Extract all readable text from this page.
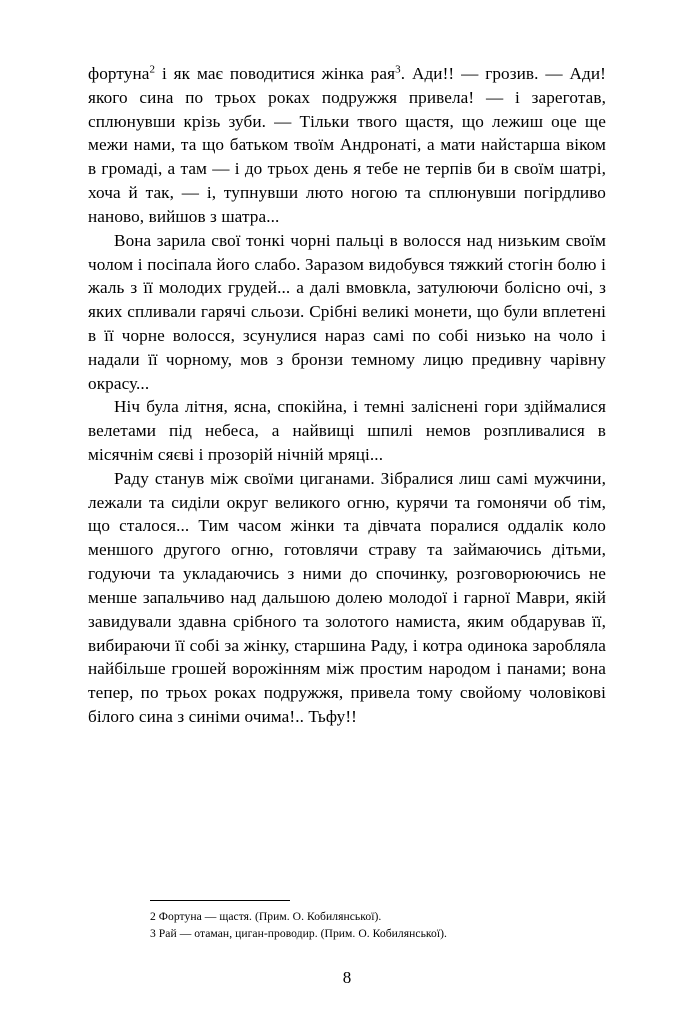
фортуна$^2$ і як має поводитися жінка рая$^3$. Ади!! — грозив. — Ади! якого сина по трьох роках подружжя привела! — і зареготав, сплюнувши крізь зуби. — Тільки твого щастя, що лежиш оце ще межи нами, та що батьком твоїм Андронаті, а мати найстарша віком в громаді, а там — і до трьох день я тебе не терпів би в своїм шатрі, хоча й так, — і, тупнувши люто ногою та сплюнувши погірдливо наново, вийшов з шатра...

Вона зарила свої тонкі чорні пальці в волосся над низьким своїм чолом і посіпала його слабо. Заразом видобувся тяжкий стогін болю і жаль з її молодих грудей... а далі вмовкла, затулюючи болісно очі, з яких спливали гарячі сльози. Срібні великі монети, що були вплетені в її чорне волосся, зсунулися нараз самі по собі низько на чоло і надали її чорному, мов з бронзи темному лицю предивну чарівну окрасу...

Ніч була літня, ясна, спокійна, і темні заліснені гори здіймалися велетами під небеса, а найвищі шпилі немов розпливалися в місячнім сяєві і прозорій нічній мряці...

Раду станув між своїми циганами. Зібралися лиш самі мужчини, лежали та сиділи округ великого огню, курячи та гомонячи об тім, що сталося... Тим часом жінки та дівчата поралися оддалік коло меншого другого огню, готовлячи страву та займаючись дітьми, годуючи та укладаючись з ними до спочинку, розговорюючись не менше запальчиво над дальшою долею молодої і гарної Маври, якій завидували здавна срібного та золотого намиста, яким обдарував її, вибираючи її собі за жінку, старшина Раду, і котра одинока заробляла найбільше грошей ворожінням між простим народом і панами; вона тепер, по трьох роках подружжя, привела тому свойому чоловікові білого сина з синіми очима!.. Тьфу!!

2 Фортуна — щастя. (Прим. О. Кобилянської).

3 Рай — отаман, циган-проводир. (Прим. О. Кобилянської).

8
